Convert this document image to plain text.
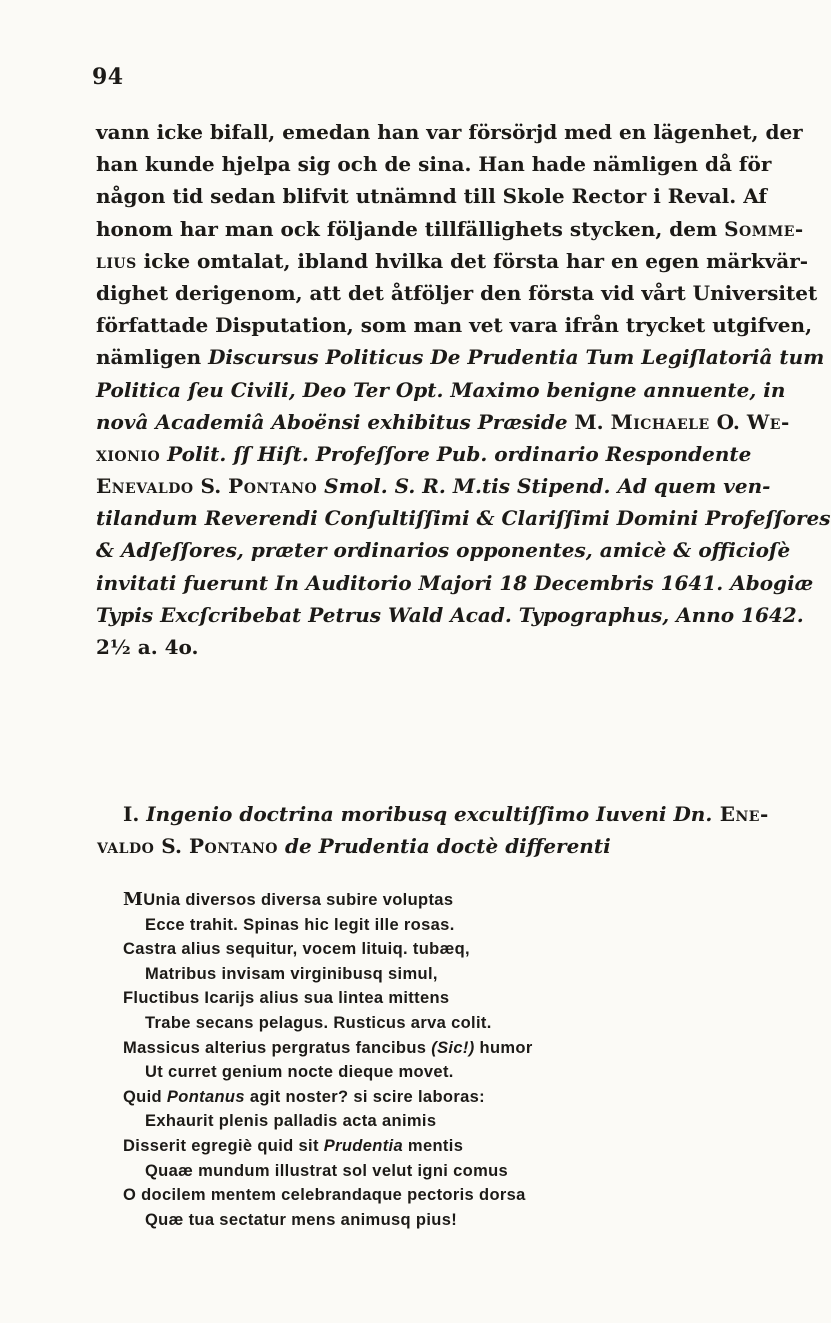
94
vann icke bifall, emedan han var försörjd med en lägenhet, der
han kunde hjelpa sig och de sina. Han hade nämligen då för
någon tid sedan blifvit utnämnd till Skole Rector i Reval. Af
honom har man ock följande tillfällighets stycken, dem Somme-
lius icke omtalat, ibland hvilka det första har en egen märkvär-
dighet derigenom, att det åtföljer den första vid vårt Universitet
författade Disputation, som man vet vara ifrån trycket utgifven,
nämligen Discursus Politicus De Prudentia Tum Legiſlatoriâ tum
Politica ſeu Civili, Deo Ter Opt. Maximo benigne annuente, in
novâ Academiâ Aboënsi exhibitus Præside M. Michaele O. We-
xionio Polit. ſſ Hiſt. Profeſſore Pub. ordinario Respondente
Enevaldo S. Pontano Smol. S. R. M.tis Stipend. Ad quem ven-
tilandum Reverendi Conſultiſſimi & Clariſſimi Domini Profeſſores
& Adſeſſores, præter ordinarios opponentes, amicè & officioſè
invitati fuerunt In Auditorio Majori 18 Decembris 1641. Abogiæ
Typis Excſcribebat Petrus Wald Acad. Typographus, Anno 1642.
2½ a. 4o.
I. Ingenio doctrina moribusq excultiſſimo Iuveni Dn. Ene-
valdo S. Pontano de Prudentia doctè differenti
MUnia diversos diversa subire voluptas
Ecce trahit. Spinas hic legit ille rosas.
Castra alius sequitur, vocem lituiq. tubæq,
Matribus invisam virginibusq simul,
Fluctibus Icarijs alius sua lintea mittens
Trabe secans pelagus. Rusticus arva colit.
Massicus alterius pergratus fancibus (Sic!) humor
Ut curret genium nocte dieque movet.
Quid Pontanus agit noster? si scire laboras:
Exhaurit plenis palladis acta animis
Disserit egregiè quid sit Prudentia mentis
Quaæ mundum illustrat sol velut igni comus
O docilem mentem celebrandaque pectoris dorsa
Quæ tua sectatur mens animusq pius!
